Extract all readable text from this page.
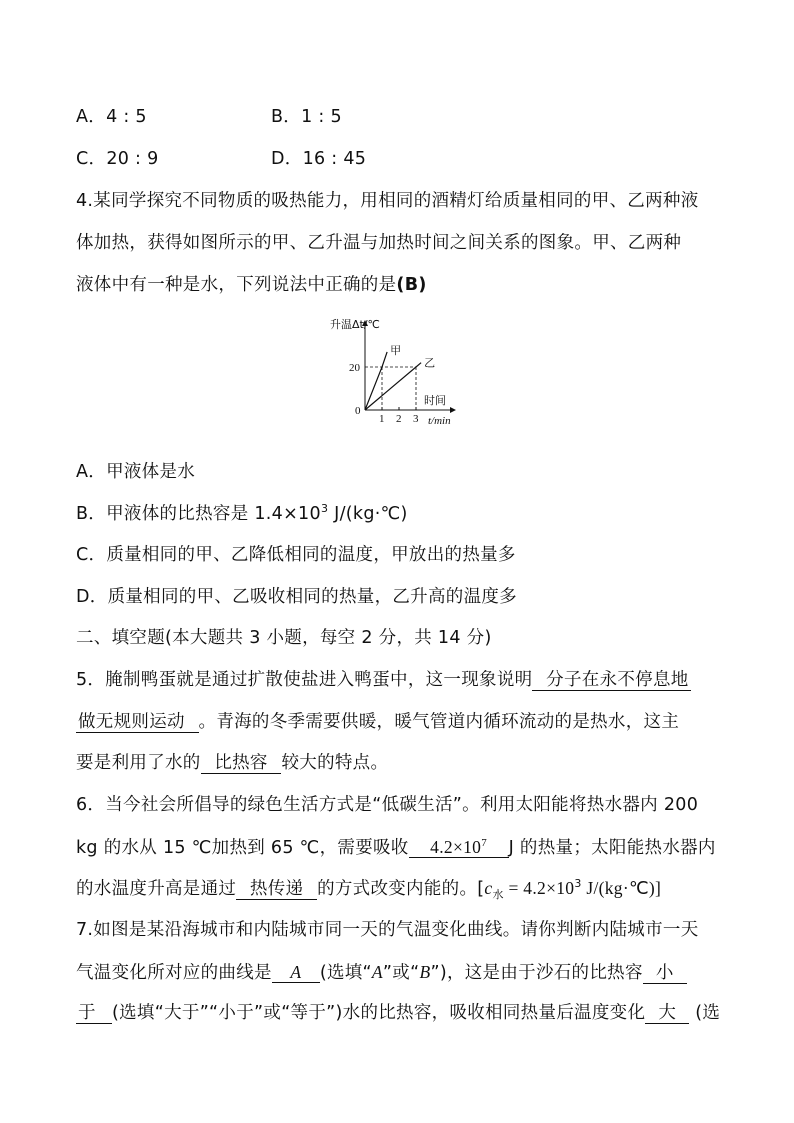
A．4 : 5	B．1 : 5
C．20 : 9	D．16 : 45
4.某同学探究不同物质的吸热能力，用相同的酒精灯给质量相同的甲、乙两种液
体加热，获得如图所示的甲、乙升温与加热时间之间关系的图象。甲、乙两种
液体中有一种是水，下列说法中正确的是(B)
升温Δt/℃
时间
t/min
0
1 2 3
20
甲
乙
A．甲液体是水
B．甲液体的比热容是 $1.4\times 10^3$ J/(kg·℃)
C．质量相同的甲、乙降低相同的温度，甲放出的热量多
D．质量相同的甲、乙吸收相同的热量，乙升高的温度多
二、填空题(本大题共 3 小题，每空 2 分，共 14 分)
5．腌制鸭蛋就是通过扩散使盐进入鸭蛋中，这一现象说明  分子在永不停息地
做无规则运动  。青海的冬季需要供暖，暖气管道内循环流动的是热水，这主
要是利用了水的  比热容  较大的特点。
6．当今社会所倡导的绿色生活方式是“低碳生活”。利用太阳能将热水器内 200
kg 的水从 15 ℃加热到 65 ℃，需要吸收 $4.2\times 10^7$ J 的热量；太阳能热水器内
的水温度升高是通过  热传递  的方式改变内能的。[$c_水 = 4.2\times 10^3$ J/(kg·℃)]
7.如图是某沿海城市和内陆城市同一天的气温变化曲线。请你判断内陆城市一天
气温变化所对应的曲线是 A (选填“A”或“B”)，这是由于沙石的比热容 小
于 (选填“大于”“小于”或“等于”)水的比热容，吸收相同热量后温度变化 大 (选
